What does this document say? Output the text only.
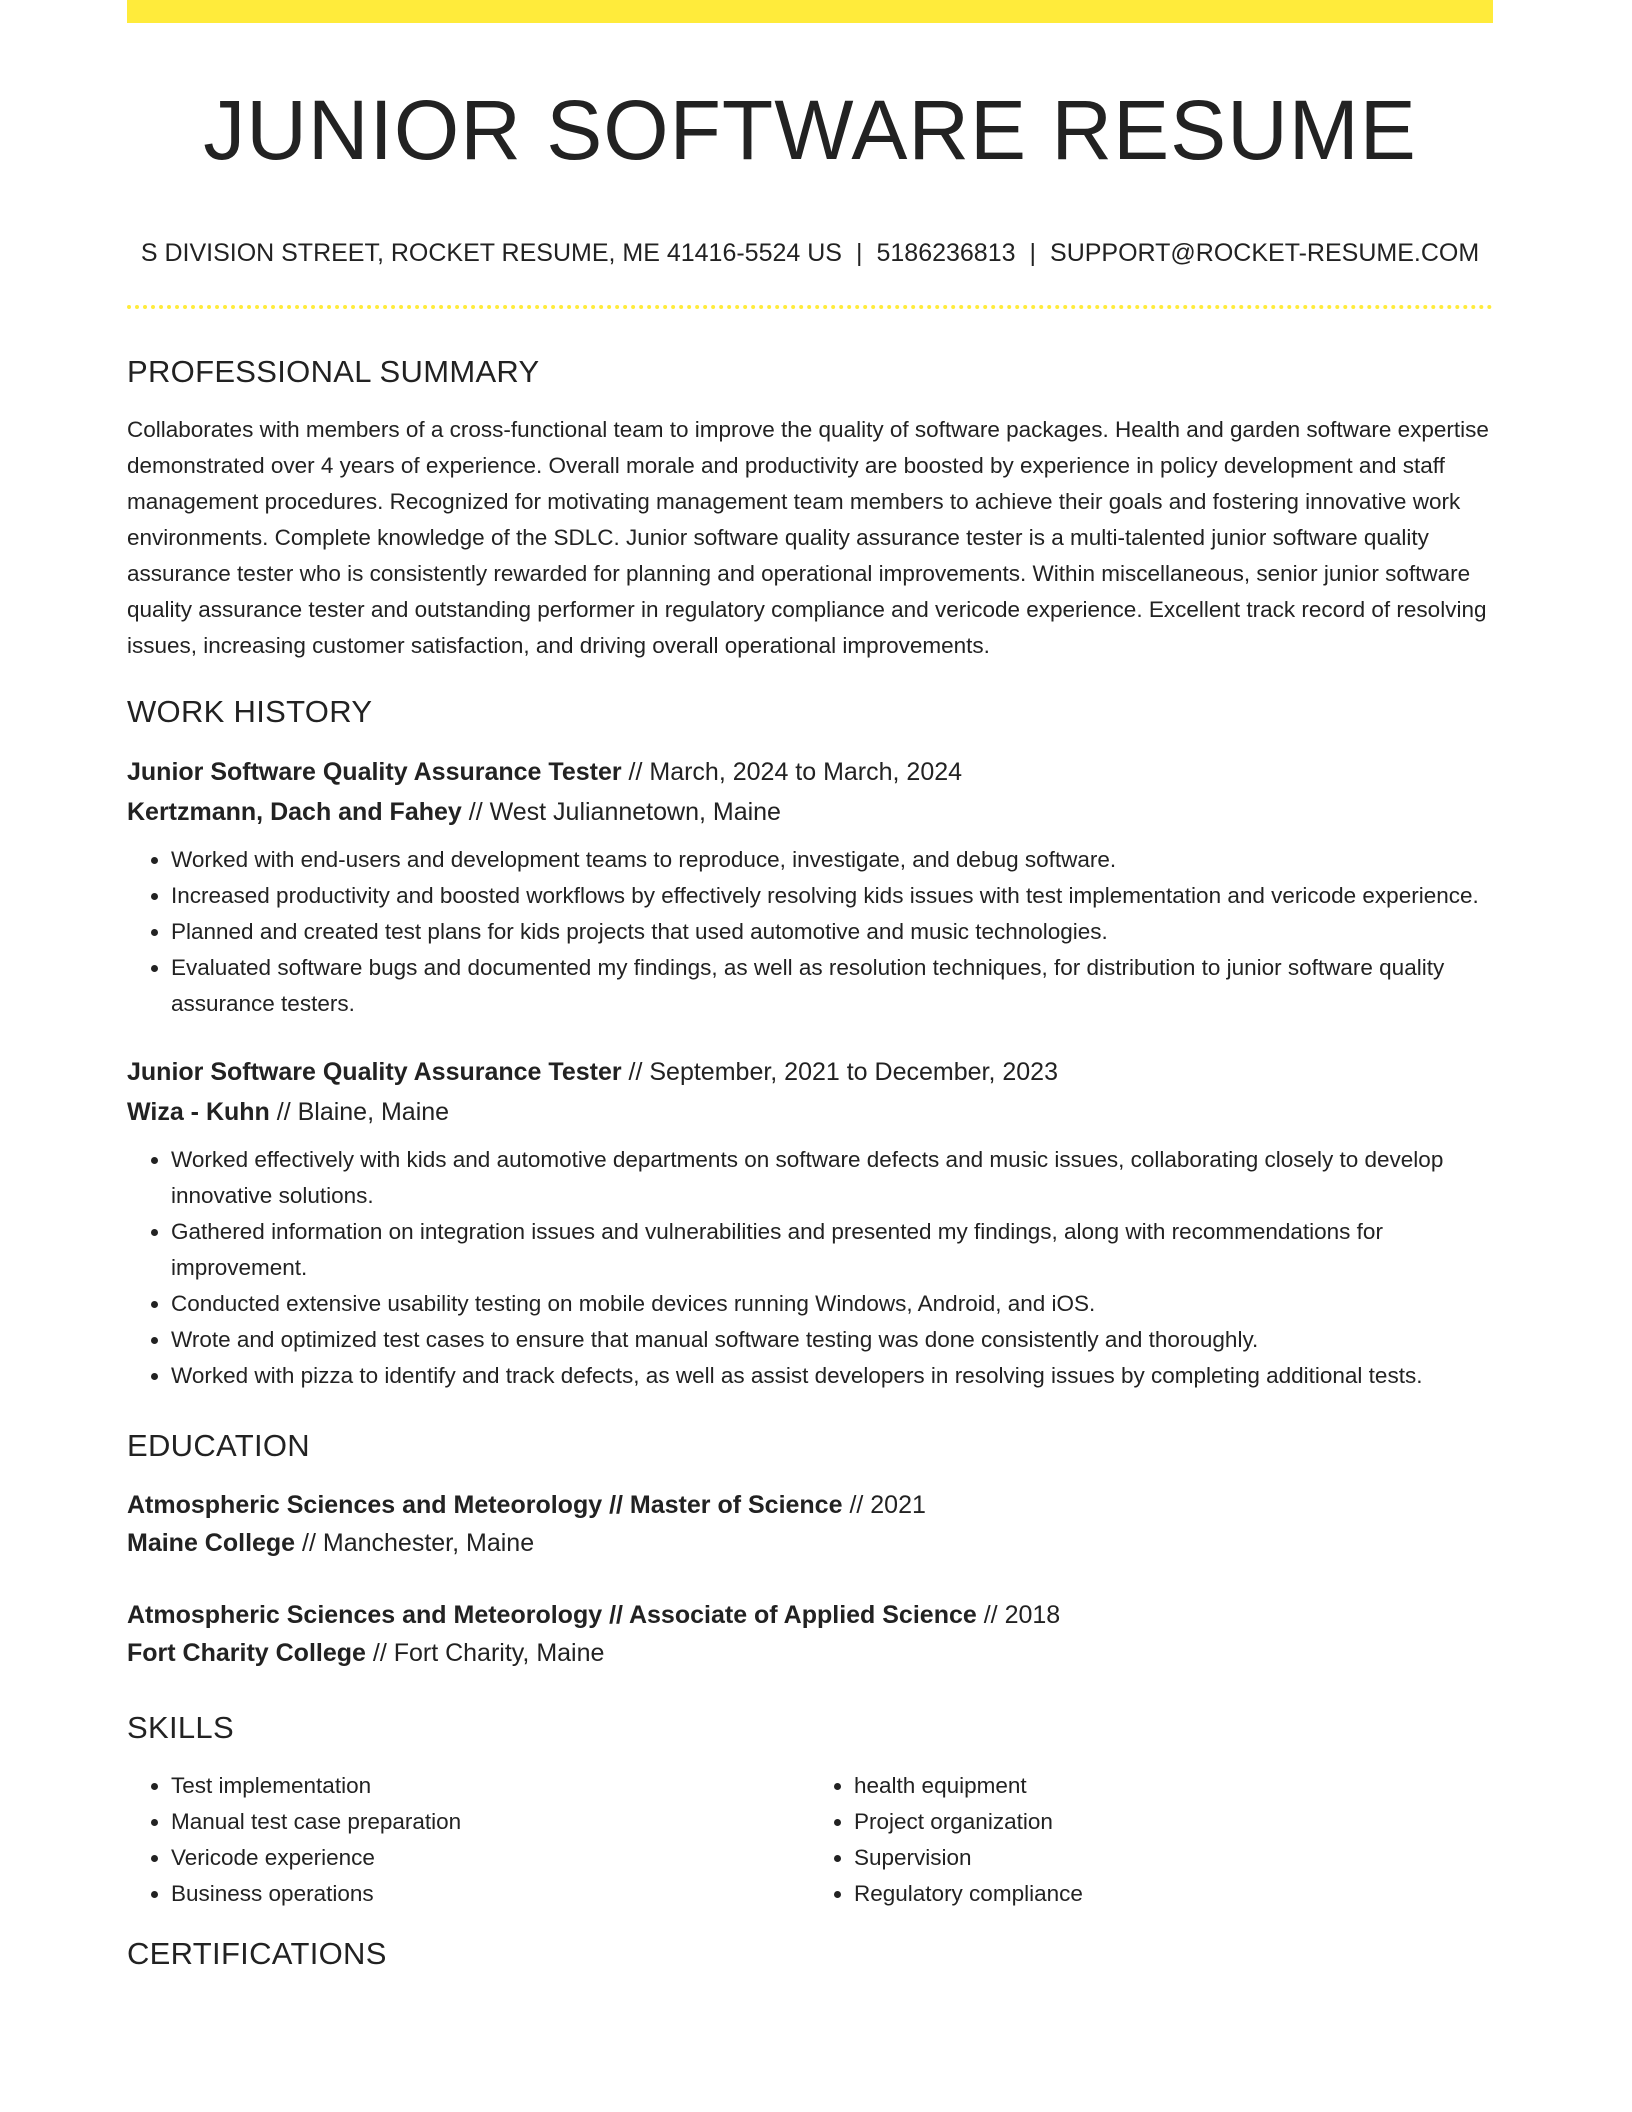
JUNIOR SOFTWARE RESUME
S DIVISION STREET, ROCKET RESUME, ME 41416-5524 US | 5186236813 | SUPPORT@ROCKET-RESUME.COM
PROFESSIONAL SUMMARY

Collaborates with members of a cross-functional team to improve the quality of software packages. Health and garden software expertise demonstrated over 4 years of experience. Overall morale and productivity are boosted by experience in policy development and staff management procedures. Recognized for motivating management team members to achieve their goals and fostering innovative work environments. Complete knowledge of the SDLC. Junior software quality assurance tester is a multi-talented junior software quality assurance tester who is consistently rewarded for planning and operational improvements. Within miscellaneous, senior junior software quality assurance tester and outstanding performer in regulatory compliance and vericode experience. Excellent track record of resolving issues, increasing customer satisfaction, and driving overall operational improvements.

WORK HISTORY

Junior Software Quality Assurance Tester // March, 2024 to March, 2024

Kertzmann, Dach and Fahey // West Juliannetown, Maine

• Worked with end-users and development teams to reproduce, investigate, and debug software.
• Increased productivity and boosted workflows by effectively resolving kids issues with test implementation and vericode experience.
• Planned and created test plans for kids projects that used automotive and music technologies.
• Evaluated software bugs and documented my findings, as well as resolution techniques, for distribution to junior software quality assurance testers.

Junior Software Quality Assurance Tester // September, 2021 to December, 2023

Wiza - Kuhn // Blaine, Maine

• Worked effectively with kids and automotive departments on software defects and music issues, collaborating closely to develop innovative solutions.
• Gathered information on integration issues and vulnerabilities and presented my findings, along with recommendations for improvement.
• Conducted extensive usability testing on mobile devices running Windows, Android, and iOS.
• Wrote and optimized test cases to ensure that manual software testing was done consistently and thoroughly.
• Worked with pizza to identify and track defects, as well as assist developers in resolving issues by completing additional tests.
EDUCATION

Atmospheric Sciences and Meteorology // Master of Science // 2021

Maine College // Manchester, Maine

Atmospheric Sciences and Meteorology // Associate of Applied Science // 2018

Fort Charity College // Fort Charity, Maine

SKILLS
• Test implementation
• Manual test case preparation
• Vericode experience
• Business operations
• health equipment
• Project organization
• Supervision
• Regulatory compliance
CERTIFICATIONS
